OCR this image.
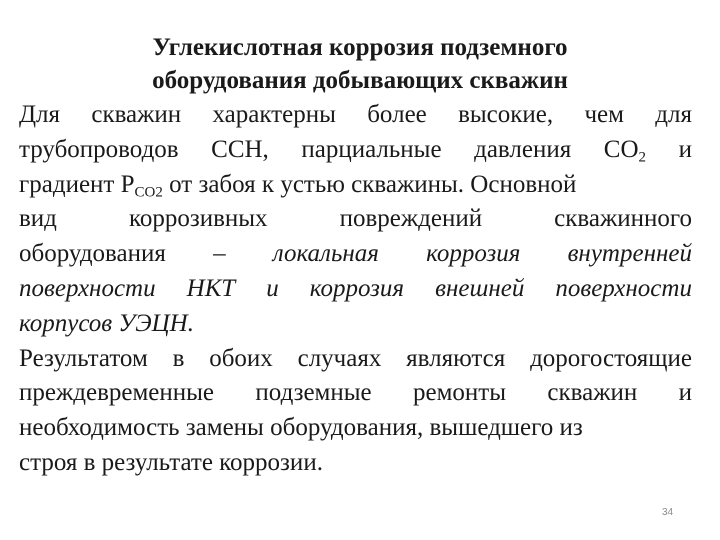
Углекислотная коррозия подземного
оборудования добывающих скважин
Для скважин характерны более высокие, чем для
трубопроводов ССН, парциальные давления $СО_2$ и
градиент $Р_{CO2}$ от забоя к устью скважины. Основной
вид	коррозивных	повреждений	скважинного
оборудования – локальная коррозия внутренней
поверхности НКТ и коррозия внешней поверхности
корпусов УЭЦН.
Результатом в обоих случаях являются дорогостоящие
преждевременные подземные ремонты скважин и
необходимость замены оборудования, вышедшего из
строя в результате коррозии.
34
